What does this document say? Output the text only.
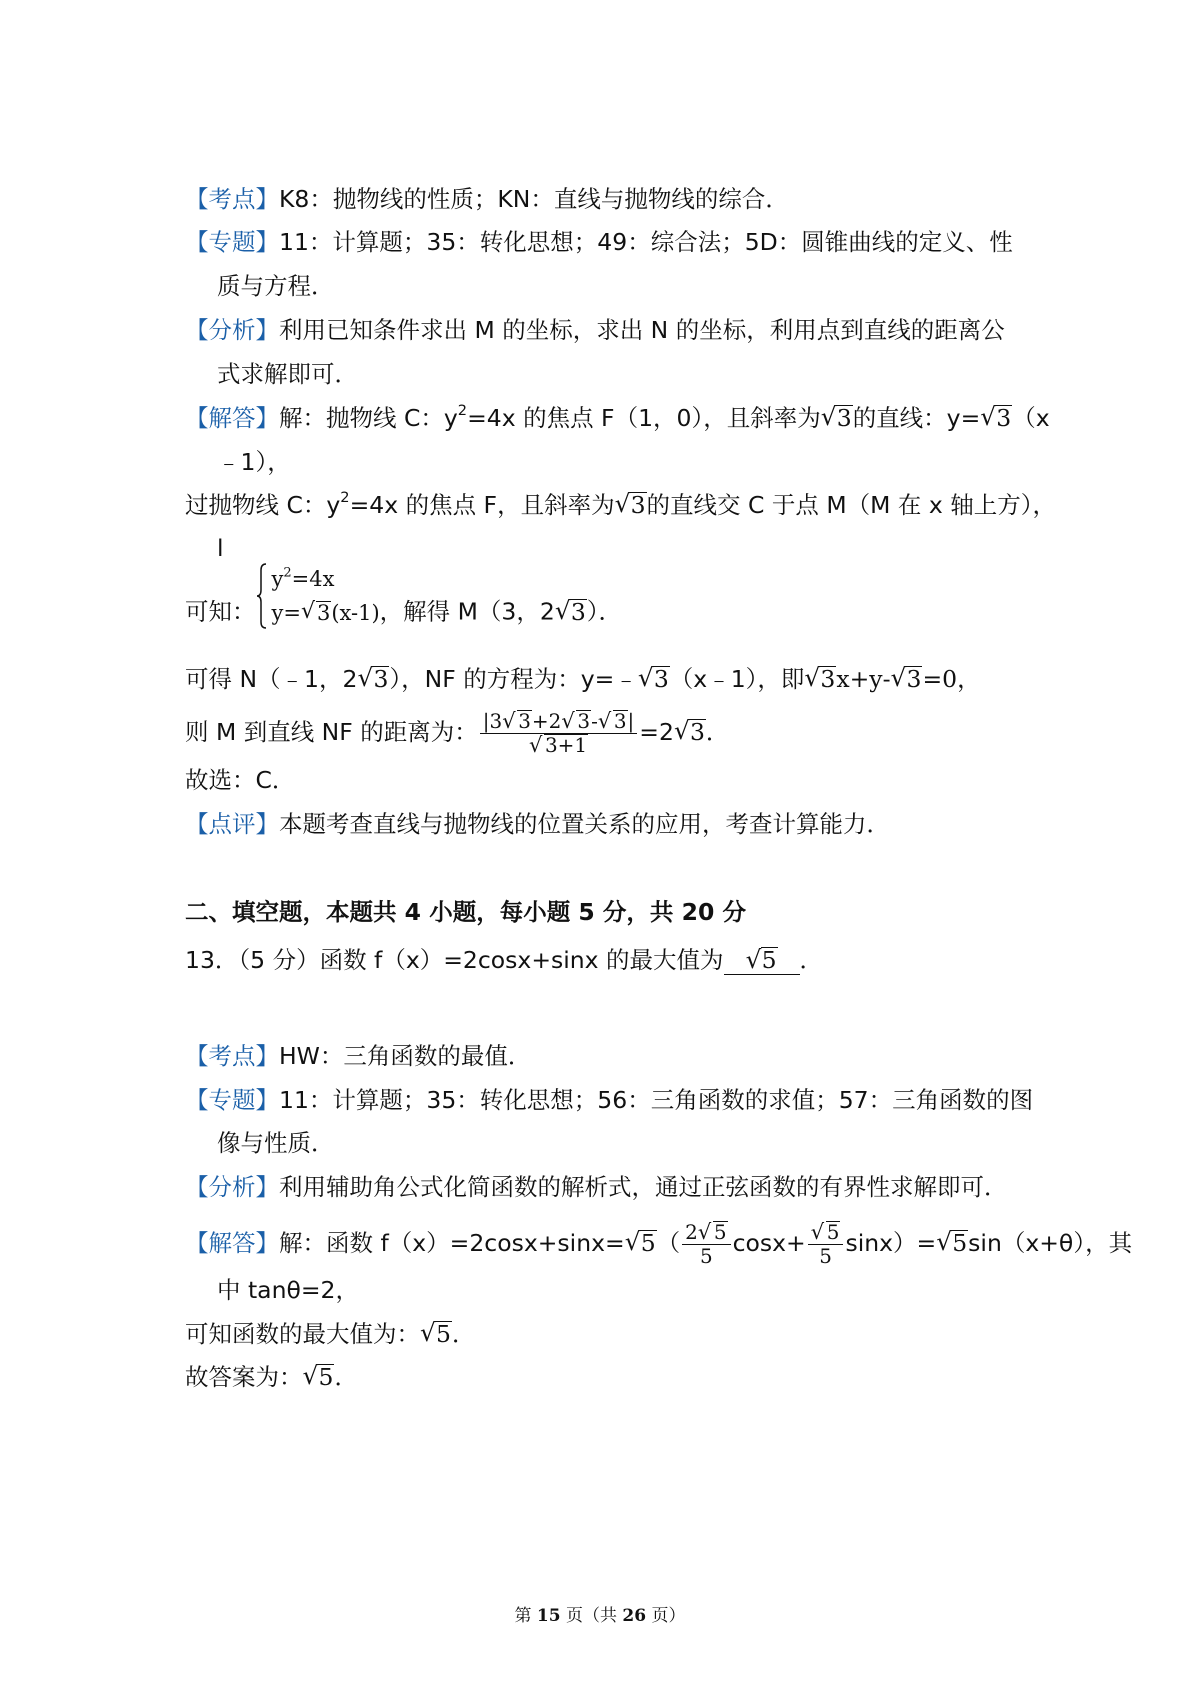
【考点】K8：抛物线的性质；KN：直线与抛物线的综合．
【专题】11：计算题；35：转化思想；49：综合法；5D：圆锥曲线的定义、性
质与方程．
【分析】利用已知条件求出 M 的坐标，求出 N 的坐标，利用点到直线的距离公
式求解即可．
【解答】解：抛物线 C：$y^2=4x$ 的焦点 F（1，0），且斜率为√ 3的直线：y=√ 3（x
﹣1），
过抛物线 C：$y^2=4x$ 的焦点 F，且斜率为√ 3的直线交 C 于点 M（M 在 x 轴上方），
l
可知：
$y^2=4x$
y=√ 3(x-1) ，解得 M（3，2√ 3）．
可得 N（﹣1，2√ 3），NF 的方程为：y=﹣√ 3（x﹣1），即√ 3x+y-√ 3=0，
则 M 到直线 NF 的距离为： |3√ 3+2√ 3-√ 3|
√ 3+1 =2√ 3．
故选：C．
【点评】本题考查直线与抛物线的位置关系的应用，考查计算能力．
二、填空题，本题共 4 小题，每小题 5 分，共 20 分
13．（5 分）函数 f（x）=2cosx+sinx 的最大值为√ 5 ．
【考点】HW：三角函数的最值．
【专题】11：计算题；35：转化思想；56：三角函数的求值；57：三角函数的图
像与性质．
【分析】利用辅助角公式化简函数的解析式，通过正弦函数的有界性求解即可．
【解答】解：函数 f（x）=2cosx+sinx=√ $5( \frac{2√ 5}{5} \cos x+$
√ $\frac{5}{5} \sin x)=√$ 5sin（x+θ），其
中 tanθ=2，
可知函数的最大值为：√ 5．
故答案为：√ 5．
第 15 页（共 26 页）
